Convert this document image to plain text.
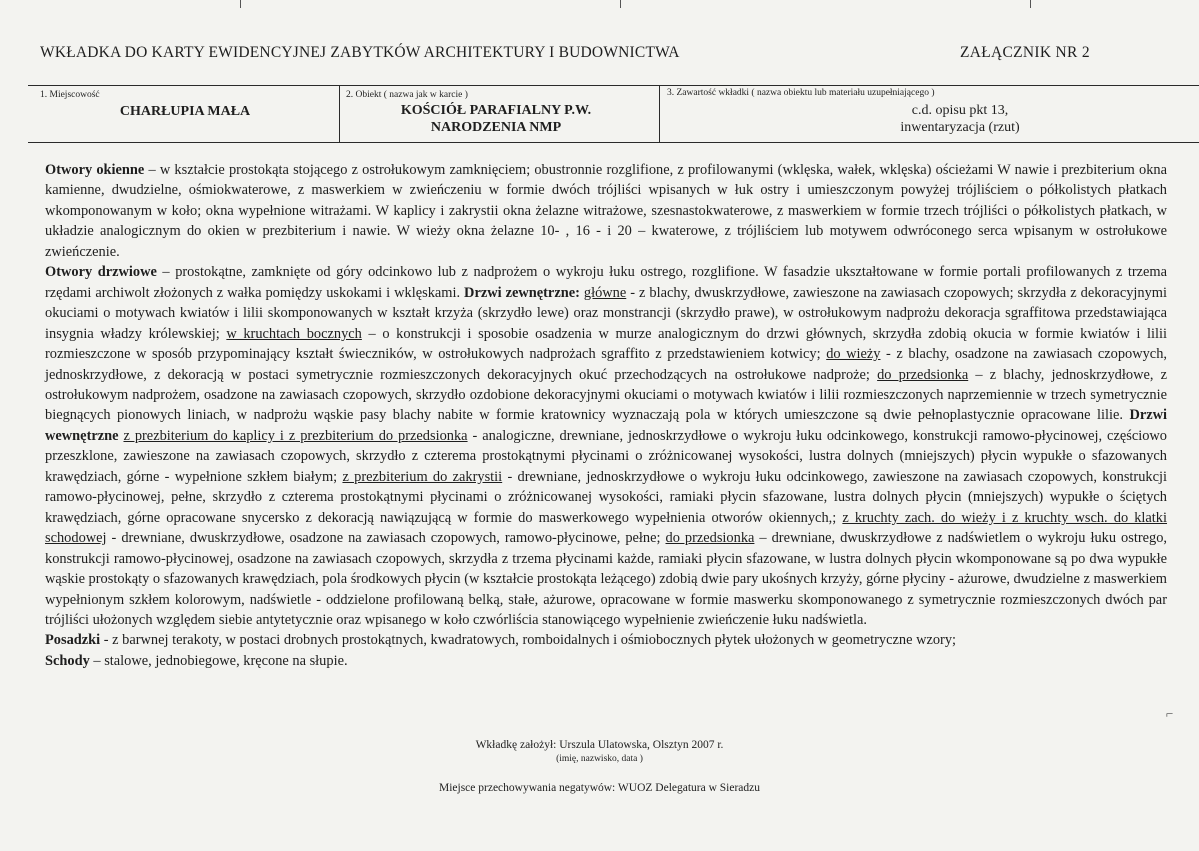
WKŁADKA DO KARTY EWIDENCYJNEJ ZABYTKÓW ARCHITEKTURY I BUDOWNICTWA	ZAŁĄCZNIK NR 2
1. Miejscowość
CHARŁUPIA MAŁA
2. Obiekt ( nazwa jak w karcie )
KOŚCIÓŁ PARAFIALNY P.W.
NARODZENIA NMP
3. Zawartość wkładki ( nazwa obiektu lub materiału uzupełniającego )
c.d. opisu pkt 13,
inwentaryzacja (rzut)

Otwory okienne – w kształcie prostokąta stojącego z ostrołukowym zamknięciem; obustronnie rozglifione, z profilowanymi (wklęska, wałek, wklęska) ościeżami W nawie i prezbiterium okna kamienne, dwudzielne, ośmiokwaterowe, z maswerkiem w zwieńczeniu w formie dwóch trójliści wpisanych w łuk ostry i umieszczonym powyżej trójliściem o półkolistych płatkach wkomponowanym w koło; okna wypełnione witrażami. W kaplicy i zakrystii okna żelazne witrażowe, szesnastokwaterowe, z maswerkiem w formie trzech trójliści o półkolistych płatkach, w układzie analogicznym do okien w prezbiterium i nawie. W wieży okna żelazne 10- , 16 - i 20 – kwaterowe, z trójliściem lub motywem odwróconego serca wpisanym w ostrołukowe zwieńczenie.

Otwory drzwiowe – prostokątne, zamknięte od góry odcinkowo lub z nadprożem o wykroju łuku ostrego, rozglifione. W fasadzie ukształtowane w formie portali profilowanych z trzema rzędami archiwolt złożonych z wałka pomiędzy uskokami i wklęskami. Drzwi zewnętrzne: główne - z blachy, dwuskrzydłowe, zawieszone na zawiasach czopowych; skrzydła z dekoracyjnymi okuciami o motywach kwiatów i lilii skomponowanych w kształt krzyża (skrzydło lewe) oraz monstrancji (skrzydło prawe), w ostrołukowym nadprożu dekoracja sgraffitowa przedstawiająca insygnia władzy królewskiej; w kruchtach bocznych – o konstrukcji i sposobie osadzenia w murze analogicznym do drzwi głównych, skrzydła zdobią okucia w formie kwiatów i lilii rozmieszczone w sposób przypominający kształt świeczników, w ostrołukowych nadprożach sgraffito z przedstawieniem kotwicy; do wieży - z blachy, osadzone na zawiasach czopowych, jednoskrzydłowe, z dekoracją w postaci symetrycznie rozmieszczonych dekoracyjnych okuć przechodzących na ostrołukowe nadproże; do przedsionka – z blachy, jednoskrzydłowe, z ostrołukowym nadprożem, osadzone na zawiasach czopowych, skrzydło ozdobione dekoracyjnymi okuciami o motywach kwiatów i lilii rozmieszczonych naprzemiennie w trzech symetrycznie biegnących pionowych liniach, w nadprożu wąskie pasy blachy nabite w formie kratownicy wyznaczają pola w których umieszczone są dwie pełnoplastycznie opracowane lilie. Drzwi wewnętrzne z prezbiterium do kaplicy i z prezbiterium do przedsionka - analogiczne, drewniane, jednoskrzydłowe o wykroju łuku odcinkowego, konstrukcji ramowo-płycinowej, częściowo przeszklone, zawieszone na zawiasach czopowych, skrzydło z czterema prostokątnymi płycinami o zróżnicowanej wysokości, lustra dolnych (mniejszych) płycin wypukłe o sfazowanych krawędziach, górne - wypełnione szkłem białym; z prezbiterium do zakrystii - drewniane, jednoskrzydłowe o wykroju łuku odcinkowego, zawieszone na zawiasach czopowych, konstrukcji ramowo-płycinowej, pełne, skrzydło z czterema prostokątnymi płycinami o zróżnicowanej wysokości, ramiaki płycin sfazowane, lustra dolnych płycin (mniejszych) wypukłe o ściętych krawędziach, górne opracowane snycersko z dekoracją nawiązującą w formie do maswerkowego wypełnienia otworów okiennych,; z kruchty zach. do wieży i z kruchty wsch. do klatki schodowej - drewniane, dwuskrzydłowe, osadzone na zawiasach czopowych, ramowo-płycinowe, pełne; do przedsionka – drewniane, dwuskrzydłowe z nadświetlem o wykroju łuku ostrego, konstrukcji ramowo-płycinowej, osadzone na zawiasach czopowych, skrzydła z trzema płycinami każde, ramiaki płycin sfazowane, w lustra dolnych płycin wkomponowane są po dwa wypukłe wąskie prostokąty o sfazowanych krawędziach, pola środkowych płycin (w kształcie prostokąta leżącego) zdobią dwie pary ukośnych krzyży, górne płyciny - ażurowe, dwudzielne z maswerkiem wypełnionym szkłem kolorowym, nadświetle - oddzielone profilowaną belką, stałe, ażurowe, opracowane w formie maswerku skomponowanego z symetrycznie rozmieszczonych dwóch par trójliści ułożonych względem siebie antytetycznie oraz wpisanego w koło czwórliścia stanowiącego wypełnienie zwieńczenie łuku nadświetla.

Posadzki - z barwnej terakoty, w postaci drobnych prostokątnych, kwadratowych, romboidalnych i ośmiobocznych płytek ułożonych w geometryczne wzory;

Schody – stalowe, jednobiegowe, kręcone na słupie.

⌐
Wkładkę założył: Urszula Ulatowska, Olsztyn 2007 r.
(imię, nazwisko, data )
Miejsce przechowywania negatywów: WUOZ Delegatura w Sieradzu
